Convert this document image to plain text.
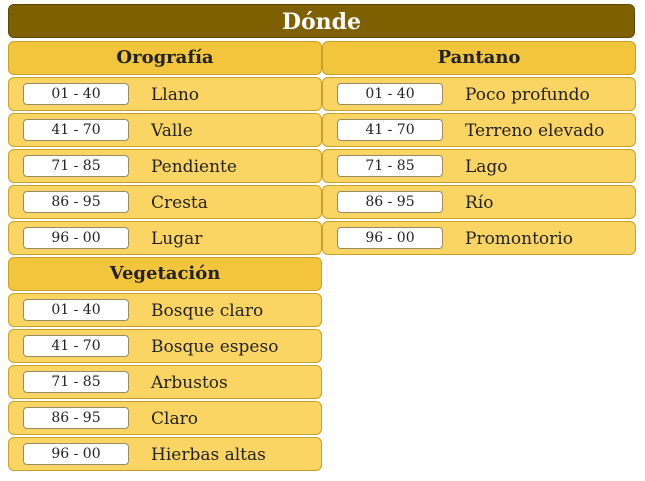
Dónde
Orografía
01 - 40	Llano
41 - 70	Valle
71 - 85	Pendiente
86 - 95	Cresta
96 - 00	Lugar
Vegetación
01 - 40	Bosque claro
41 - 70	Bosque espeso
71 - 85	Arbustos
86 - 95	Claro
96 - 00	Hierbas altas
Pantano
01 - 40	Poco profundo
41 - 70	Terreno elevado
71 - 85	Lago
86 - 95	Río
96 - 00	Promontorio
